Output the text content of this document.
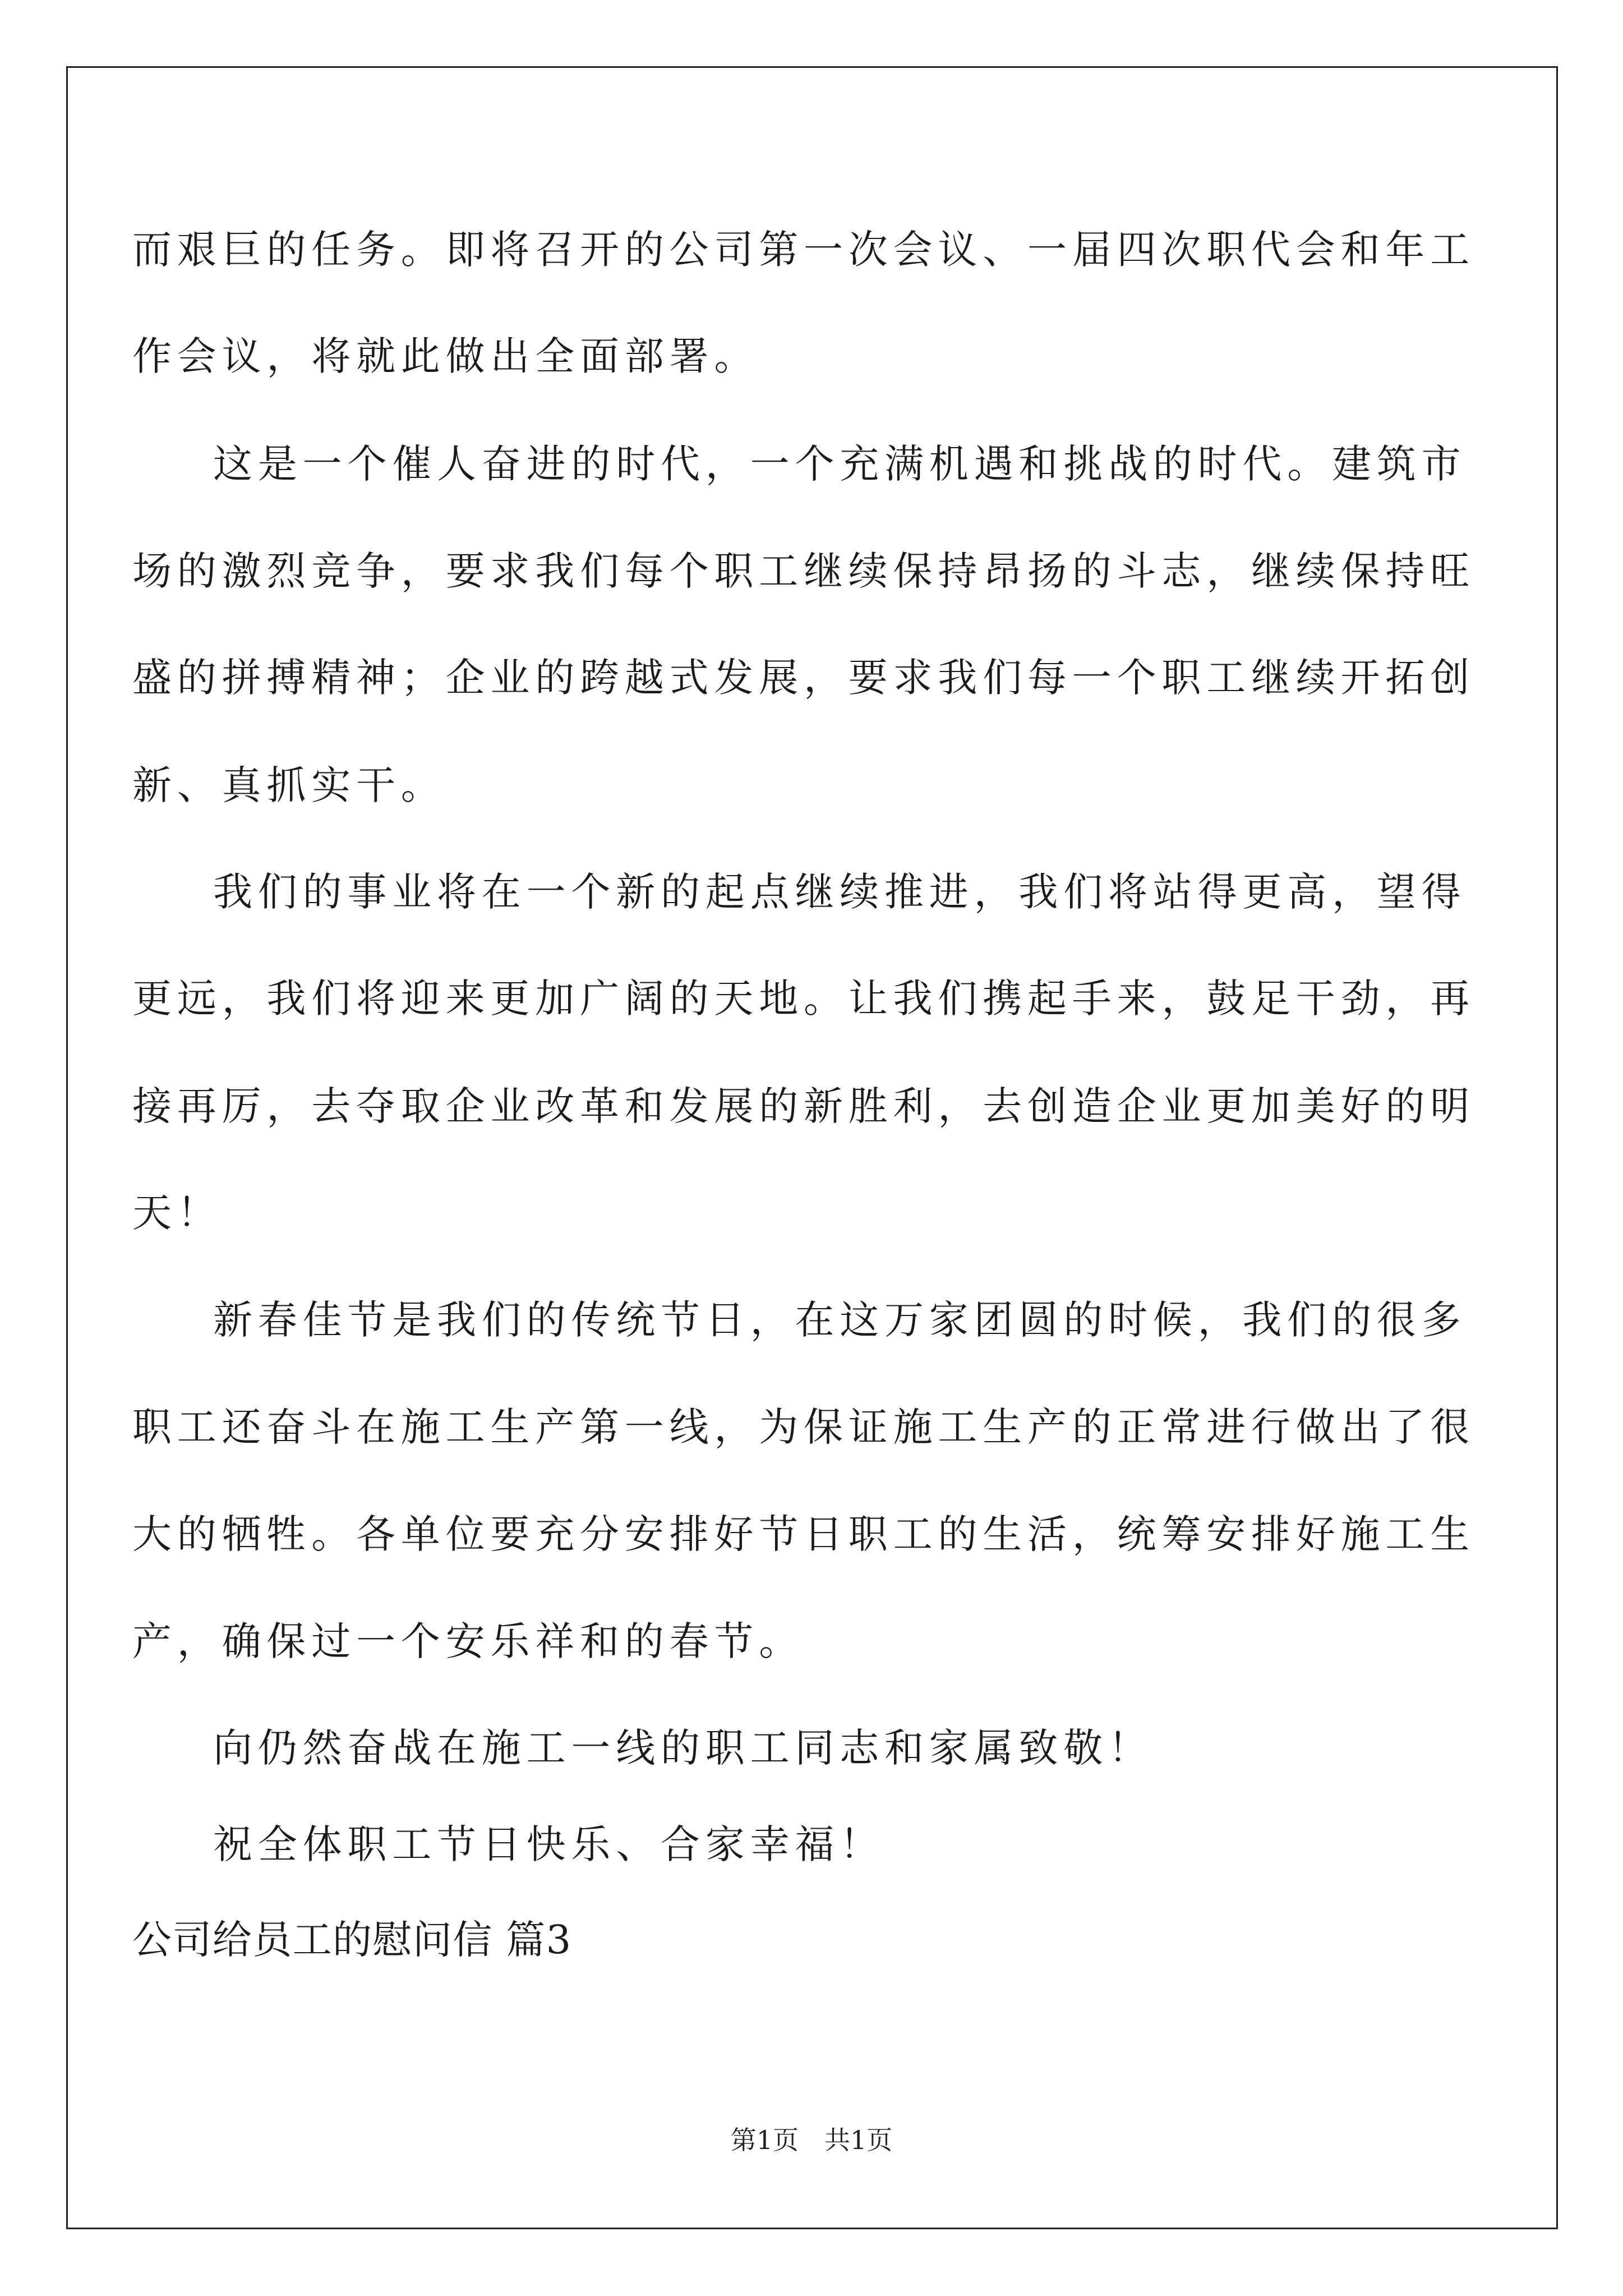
而艰巨的任务。即将召开的公司第一次会议、一届四次职代会和年工
作会议，将就此做出全面部署。
这是一个催人奋进的时代，一个充满机遇和挑战的时代。建筑市
场的激烈竞争，要求我们每个职工继续保持昂扬的斗志，继续保持旺
盛的拼搏精神；企业的跨越式发展，要求我们每一个职工继续开拓创
新、真抓实干。
我们的事业将在一个新的起点继续推进，我们将站得更高，望得
更远，我们将迎来更加广阔的天地。让我们携起手来，鼓足干劲，再
接再厉，去夺取企业改革和发展的新胜利，去创造企业更加美好的明
天！
新春佳节是我们的传统节日，在这万家团圆的时候，我们的很多
职工还奋斗在施工生产第一线，为保证施工生产的正常进行做出了很
大的牺牲。各单位要充分安排好节日职工的生活，统筹安排好施工生
产，确保过一个安乐祥和的春节。
向仍然奋战在施工一线的职工同志和家属致敬！
祝全体职工节日快乐、合家幸福！
公司给员工的慰问信 篇3
第1页　共1页
